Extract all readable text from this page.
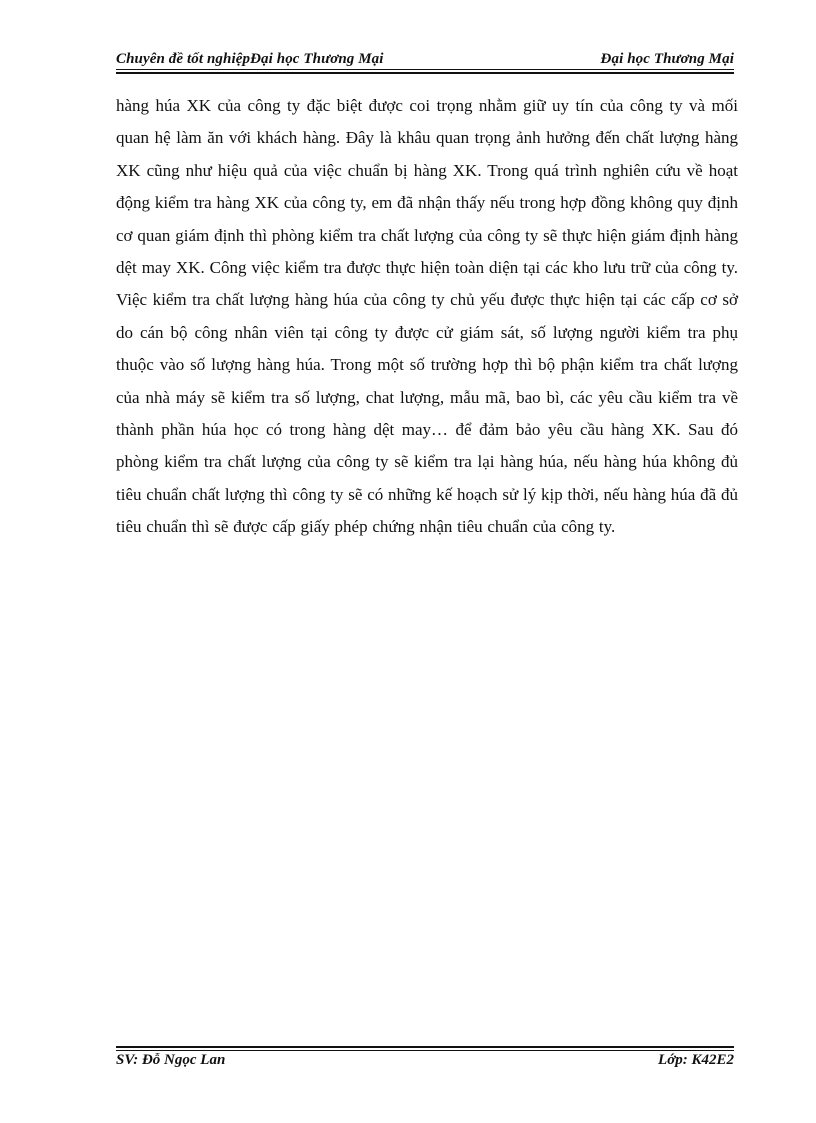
Chuyên đề tốt nghiệpĐại học Thương Mại	Đại học Thương Mại

hàng húa XK của công ty đặc biệt được coi trọng nhằm giữ uy tín của công ty và mối quan hệ làm ăn với khách hàng. Đây là khâu quan trọng ảnh hưởng đến chất lượng hàng XK cũng như hiệu quả của việc chuẩn bị hàng XK. Trong quá trình nghiên cứu về hoạt động kiểm tra hàng XK của công ty, em đã nhận thấy nếu trong hợp đồng không quy định cơ quan giám định thì phòng kiểm tra chất lượng của công ty sẽ thực hiện giám định hàng dệt may XK. Công việc kiểm tra được thực hiện toàn diện tại các kho lưu trữ của công ty. Việc kiểm tra chất lượng hàng húa của công ty chủ yếu được thực hiện tại các cấp cơ sở do cán bộ công nhân viên tại công ty được cử giám sát, số lượng người kiểm tra phụ thuộc vào số lượng hàng húa. Trong một số trường hợp thì bộ phận kiểm tra chất lượng của nhà máy sẽ kiểm tra số lượng, chat lượng, mẫu mã, bao bì, các yêu cầu kiểm tra về thành phần húa học có trong hàng dệt may… để đảm bảo yêu cầu hàng XK. Sau đó phòng kiểm tra chất lượng của công ty sẽ kiểm tra lại hàng húa, nếu hàng húa không đủ tiêu chuẩn chất lượng thì công ty sẽ có những kế hoạch sử lý kịp thời, nếu hàng húa đã đủ tiêu chuẩn thì sẽ được cấp giấy phép chứng nhận tiêu chuẩn của công ty.

SV: Đỗ Ngọc Lan	Lớp: K42E2
